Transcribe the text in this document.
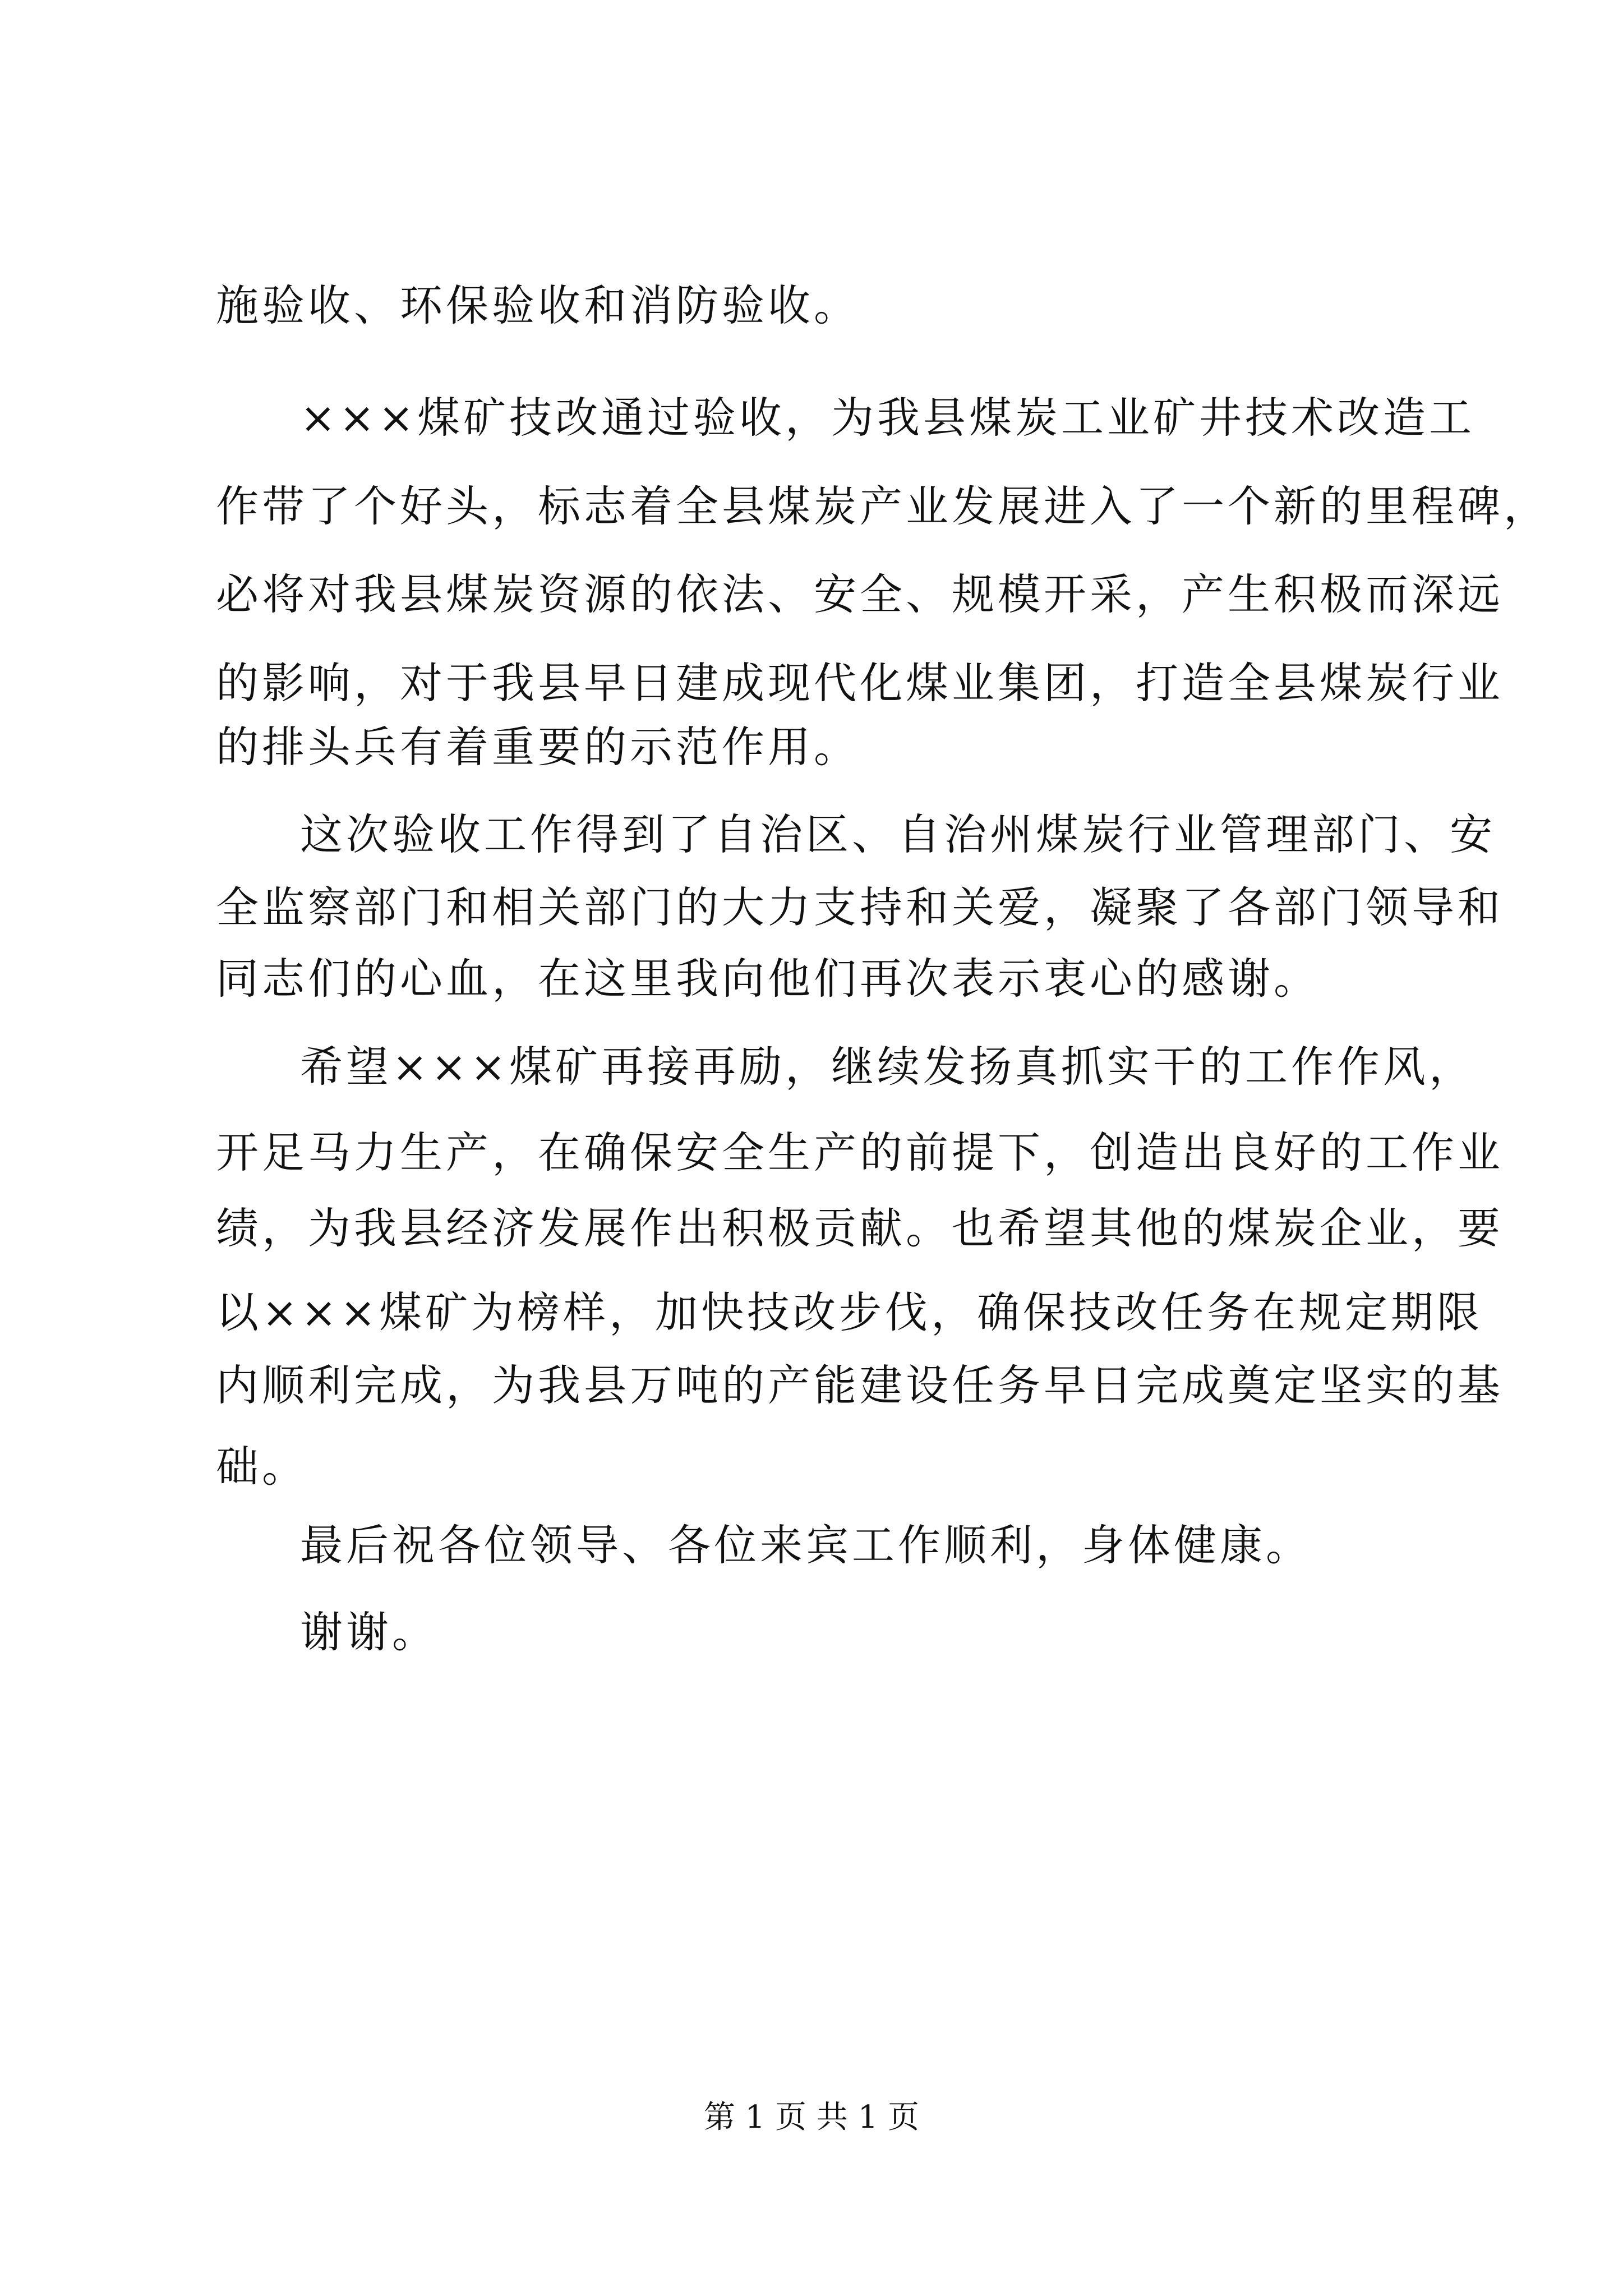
施验收、环保验收和消防验收。
×××煤矿技改通过验收，为我县煤炭工业矿井技术改造工
作带了个好头，标志着全县煤炭产业发展进入了一个新的里程碑，
必将对我县煤炭资源的依法、安全、规模开采，产生积极而深远
的影响，对于我县早日建成现代化煤业集团，打造全县煤炭行业
的排头兵有着重要的示范作用。
这次验收工作得到了自治区、自治州煤炭行业管理部门、安
全监察部门和相关部门的大力支持和关爱，凝聚了各部门领导和
同志们的心血，在这里我向他们再次表示衷心的感谢。
希望×××煤矿再接再励，继续发扬真抓实干的工作作风，
开足马力生产，在确保安全生产的前提下，创造出良好的工作业
绩，为我县经济发展作出积极贡献。也希望其他的煤炭企业，要
以×××煤矿为榜样，加快技改步伐，确保技改任务在规定期限
内顺利完成，为我县万吨的产能建设任务早日完成奠定坚实的基
础。
最后祝各位领导、各位来宾工作顺利，身体健康。
谢谢。
第 1 页 共 1 页
